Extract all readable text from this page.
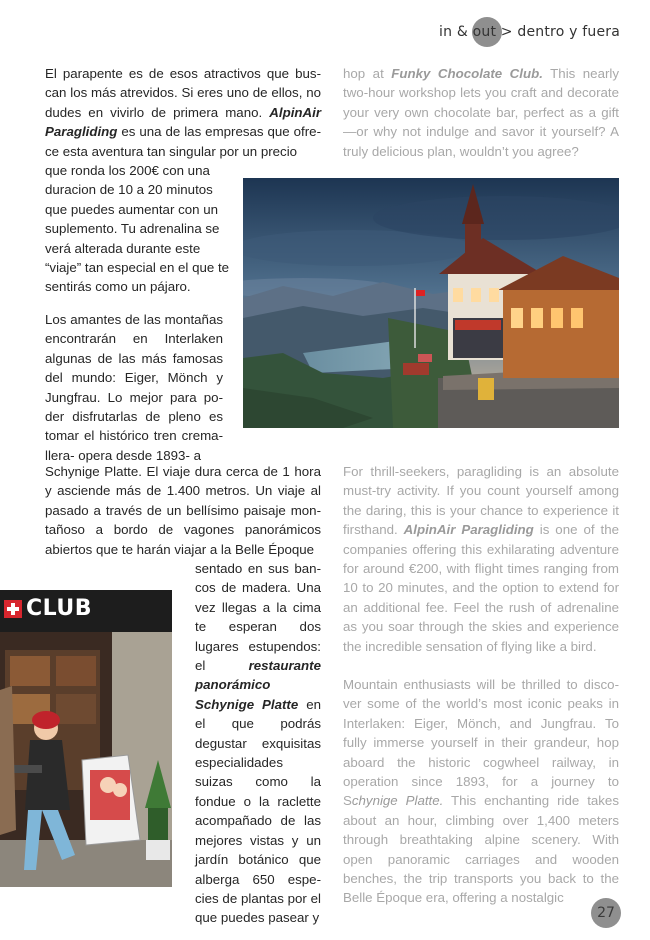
in & o ut > d entro y fuera
El parapente es de esos atractivos que buscan los más atrevidos. Si eres uno de ellos, no dudes en vivirlo de primera mano. AlpinAir Paragliding es una de las empresas que ofrece esta aventura tan singular por un precio
que ronda los 200€ con una duracion de 10 a 20 minutos que puedes aumentar con un suplemento. Tu adrenalina se verá alterada durante este “viaje” tan especial en el que te sentirás como un pájaro.
Los amantes de las montañas encontrarán en Interlaken algunas de las más famosas del mundo: Eiger, Mönch y Jungfrau. Lo mejor para poder disfrutarlas de pleno es tomar el histórico tren cremallera- opera desde 1893- a
Schynige Platte. El viaje dura cerca de 1 hora y asciende más de 1.400 metros. Un viaje al pasado a través de un bellísimo paisaje montañoso a bordo de vagones panorámicos abiertos que te harán viajar a la Belle Époque
sentado en sus bancos de madera. Una vez llegas a la cima te esperan dos lugares estupendos: el restaurante panorámico Schynige Platte en el que podrás degustar exquisitas especialidades suizas como la fondue o la raclette acompañado de las mejores vistas y un jardín botánico que alberga 650 especies de plantas por el que puedes pasear y
hop at Funky Chocolate Club. This nearly two-hour workshop lets you craft and decorate your very own chocolate bar, perfect as a gift—or why not indulge and savor it yourself? A truly delicious plan, wouldn’t you agree?
For thrill-seekers, paragliding is an absolute must-try activity. If you count yourself among the daring, this is your chance to experience it firsthand. AlpinAir Paragliding is one of the companies offering this exhilarating adventure for around €200, with flight times ranging from 10 to 20 minutes, and the option to extend for an additional fee. Feel the rush of adrenaline as you soar through the skies and experience the incredible sensation of flying like a bird.
Mountain enthusiasts will be thrilled to discover some of the world’s most iconic peaks in Interlaken: Eiger, Mönch, and Jungfrau. To fully immerse yourself in their grandeur, hop aboard the historic cogwheel railway, in operation since 1893, for a journey to Schynige Platte. This enchanting ride takes about an hour, climbing over 1,400 meters through breathtaking alpine scenery. With open panoramic carriages and wooden benches, the trip transports you back to the Belle Époque era, offering a nostalgic
CLUB
27
